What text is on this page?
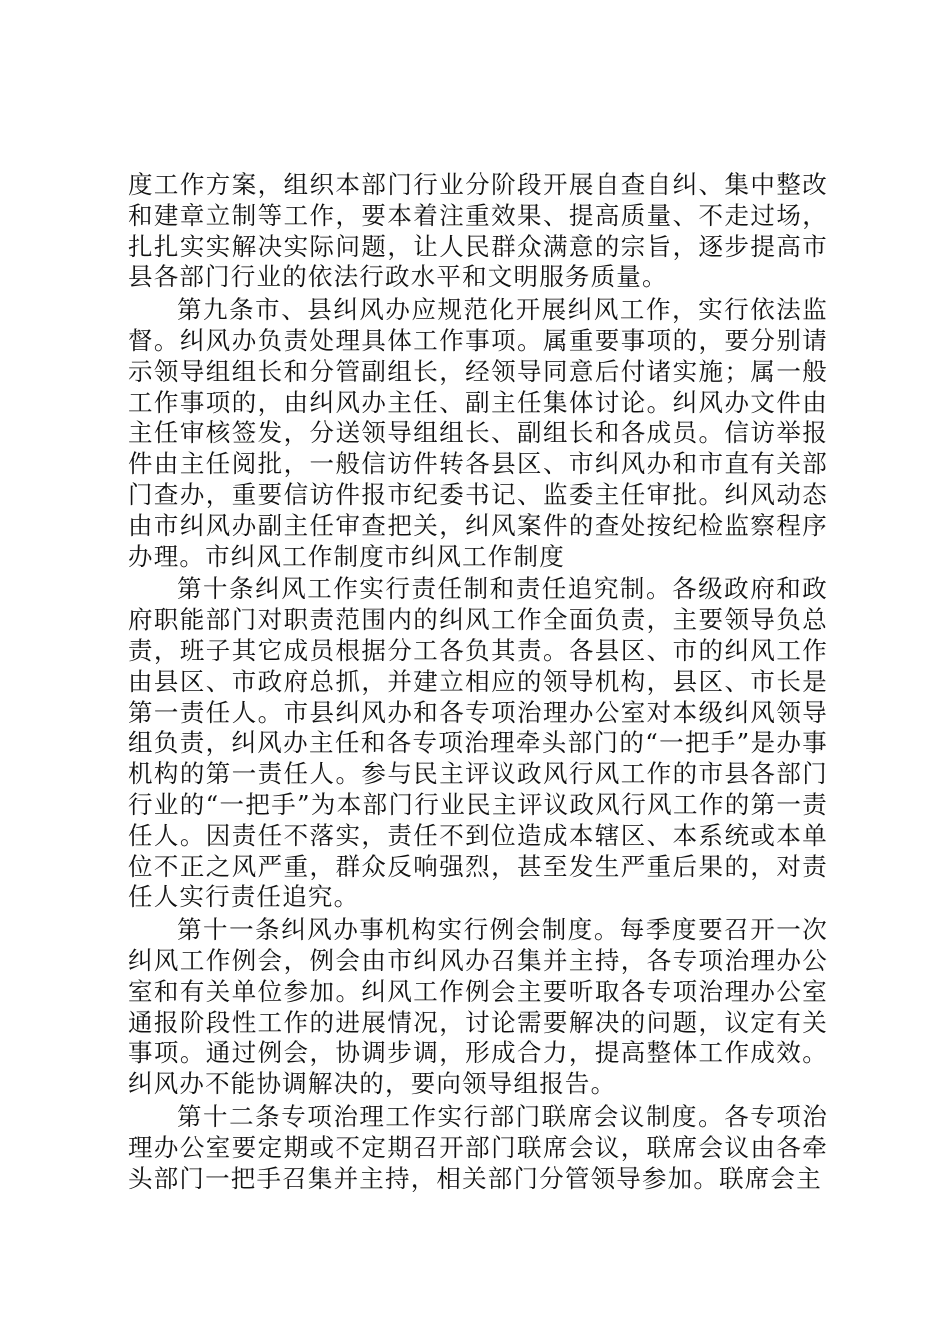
度工作方案，组织本部门行业分阶段开展自查自纠、集中整改和建章立制等工作，要本着注重效果、提高质量、不走过场，扎扎实实解决实际问题，让人民群众满意的宗旨，逐步提高市县各部门行业的依法行政水平和文明服务质量。

第九条市、县纠风办应规范化开展纠风工作，实行依法监督。纠风办负责处理具体工作事项。属重要事项的，要分别请示领导组组长和分管副组长，经领导同意后付诸实施；属一般工作事项的，由纠风办主任、副主任集体讨论。纠风办文件由主任审核签发，分送领导组组长、副组长和各成员。信访举报件由主任阅批，一般信访件转各县区、市纠风办和市直有关部门查办，重要信访件报市纪委书记、监委主任审批。纠风动态由市纠风办副主任审查把关，纠风案件的查处按纪检监察程序办理。市纠风工作制度市纠风工作制度

第十条纠风工作实行责任制和责任追究制。各级政府和政府职能部门对职责范围内的纠风工作全面负责，主要领导负总责，班子其它成员根据分工各负其责。各县区、市的纠风工作由县区、市政府总抓，并建立相应的领导机构，县区、市长是第一责任人。市县纠风办和各专项治理办公室对本级纠风领导组负责，纠风办主任和各专项治理牵头部门的“一把手”是办事机构的第一责任人。参与民主评议政风行风工作的市县各部门行业的“一把手”为本部门行业民主评议政风行风工作的第一责任人。因责任不落实，责任不到位造成本辖区、本系统或本单位不正之风严重，群众反响强烈，甚至发生严重后果的，对责任人实行责任追究。

第十一条纠风办事机构实行例会制度。每季度要召开一次纠风工作例会，例会由市纠风办召集并主持，各专项治理办公室和有关单位参加。纠风工作例会主要听取各专项治理办公室通报阶段性工作的进展情况，讨论需要解决的问题，议定有关事项。通过例会，协调步调，形成合力，提高整体工作成效。纠风办不能协调解决的，要向领导组报告。

第十二条专项治理工作实行部门联席会议制度。各专项治理办公室要定期或不定期召开部门联席会议，联席会议由各牵头部门一把手召集并主持，相关部门分管领导参加。联席会主
